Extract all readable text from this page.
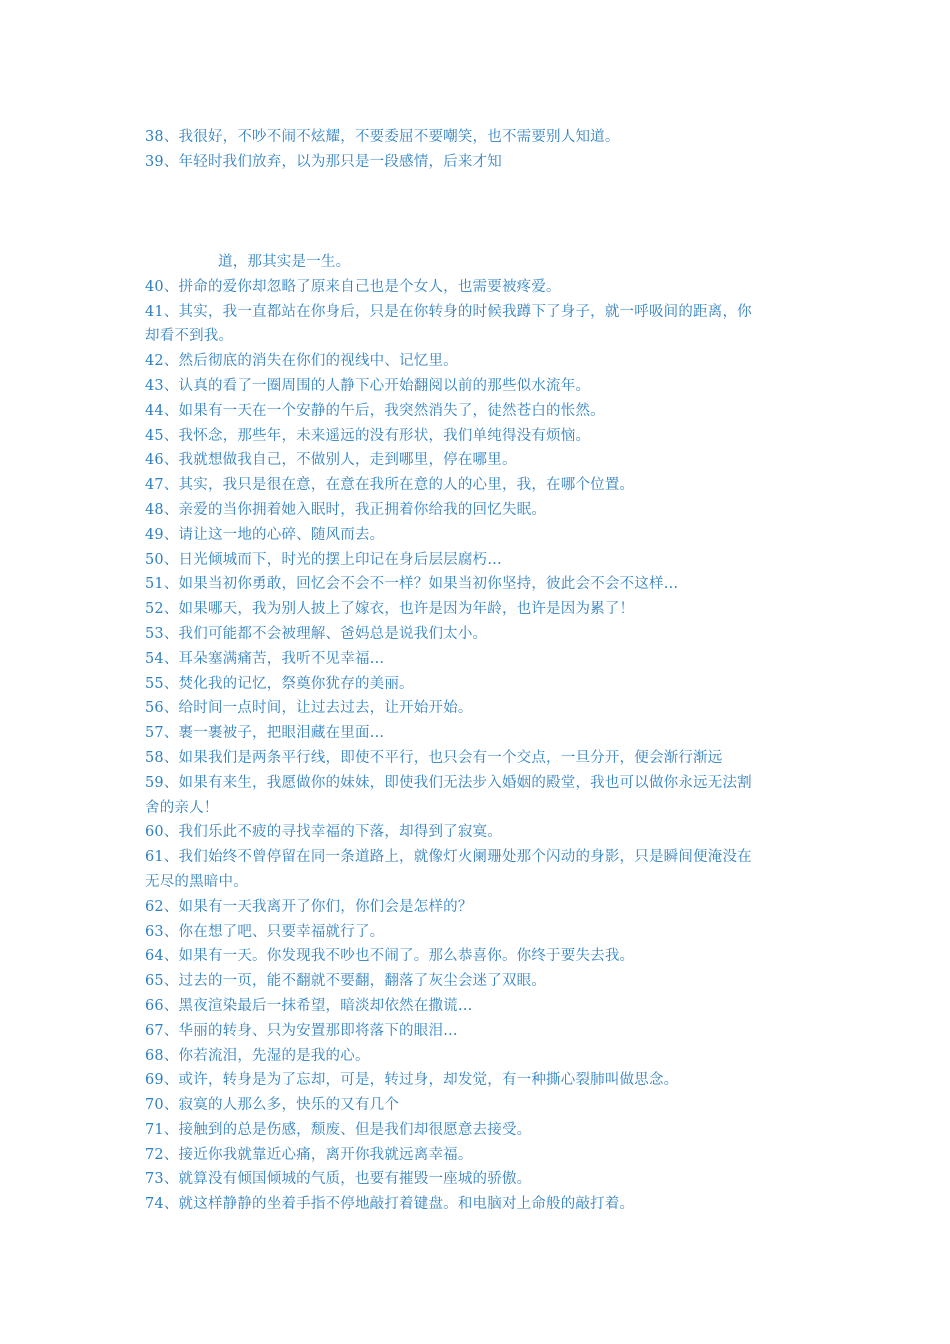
38、我很好，不吵不闹不炫耀，不要委屈不要嘲笑，也不需要别人知道。
39、年轻时我们放弃，以为那只是一段感情，后来才知
道，那其实是一生。
40、拼命的爱你却忽略了原来自己也是个女人，也需要被疼爱。
41、其实，我一直都站在你身后，只是在你转身的时候我蹲下了身子，就一呼吸间的距离，你
却看不到我。
42、然后彻底的消失在你们的视线中、记忆里。
43、认真的看了一圈周围的人静下心开始翻阅以前的那些似水流年。
44、如果有一天在一个安静的午后，我突然消失了，徒然苍白的怅然。
45、我怀念，那些年，未来遥远的没有形状，我们单纯得没有烦恼。
46、我就想做我自己，不做别人，走到哪里，停在哪里。
47、其实，我只是很在意，在意在我所在意的人的心里，我，在哪个位置。
48、亲爱的当你拥着她入眠时，我正拥着你给我的回忆失眠。
49、请让这一地的心碎、随风而去。
50、日光倾城而下，时光的摆上印记在身后层层腐朽…
51、如果当初你勇敢，回忆会不会不一样？如果当初你坚持，彼此会不会不这样…
52、如果哪天，我为别人披上了嫁衣，也许是因为年龄，也许是因为累了！
53、我们可能都不会被理解、爸妈总是说我们太小。
54、耳朵塞满痛苦，我听不见幸福…
55、焚化我的记忆，祭奠你犹存的美丽。
56、给时间一点时间，让过去过去，让开始开始。
57、裹一裹被子，把眼泪藏在里面…
58、如果我们是两条平行线，即使不平行，也只会有一个交点，一旦分开，便会渐行渐远
59、如果有来生，我愿做你的妹妹，即使我们无法步入婚姻的殿堂，我也可以做你永远无法割
舍的亲人！
60、我们乐此不疲的寻找幸福的下落，却得到了寂寞。
61、我们始终不曾停留在同一条道路上，就像灯火阑珊处那个闪动的身影，只是瞬间便淹没在
无尽的黑暗中。
62、如果有一天我离开了你们，你们会是怎样的？
63、你在想了吧、只要幸福就行了。
64、如果有一天。你发现我不吵也不闹了。那么恭喜你。你终于要失去我。
65、过去的一页，能不翻就不要翻，翻落了灰尘会迷了双眼。
66、黑夜渲染最后一抹希望，暗淡却依然在撒谎…
67、华丽的转身、只为安置那即将落下的眼泪…
68、你若流泪，先湿的是我的心。
69、或许，转身是为了忘却，可是，转过身，却发觉，有一种撕心裂肺叫做思念。
70、寂寞的人那么多，快乐的又有几个
71、接触到的总是伤感，颓废、但是我们却很愿意去接受。
72、接近你我就靠近心痛，离开你我就远离幸福。
73、就算没有倾国倾城的气质，也要有摧毁一座城的骄傲。
74、就这样静静的坐着手指不停地敲打着键盘。和电脑对上命般的敲打着。
